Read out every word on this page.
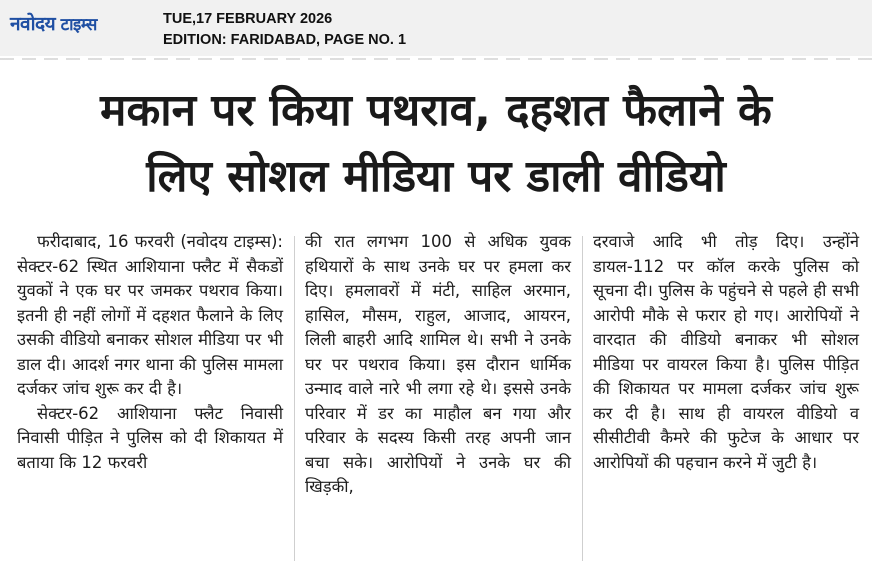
नवोदय टाइम्स	TUE,17 FEBRUARY 2026
EDITION: FARIDABAD, PAGE NO. 1
मकान पर किया पथराव, दहशत फैलाने के
लिए सोशल मीडिया पर डाली वीडियो

फरीदाबाद, 16 फरवरी (नवोदय टाइम्स): सेक्टर-62 स्थित आशियाना फ्लैट में सैकडों युवकों ने एक घर पर जमकर पथराव किया। इतनी ही नहीं लोगों में दहशत फैलाने के लिए उसकी वीडियो बनाकर सोशल मीडिया पर भी डाल दी। आदर्श नगर थाना की पुलिस मामला दर्जकर जांच शुरू कर दी है।

सेक्टर-62 आशियाना फ्लैट निवासी निवासी पीड़ित ने पुलिस को दी शिकायत में बताया कि 12 फरवरी

की रात लगभग 100 से अधिक युवक हथियारों के साथ उनके घर पर हमला कर दिए। हमलावरों में मंटी, साहिल अरमान, हासिल, मौसम, राहुल, आजाद, आयरन, लिली बाहरी आदि शामिल थे। सभी ने उनके घर पर पथराव किया। इस दौरान धार्मिक उन्माद वाले नारे भी लगा रहे थे। इससे उनके परिवार में डर का माहौल बन गया और परिवार के सदस्य किसी तरह अपनी जान बचा सके। आरोपियों ने उनके घर की खिड़की,

दरवाजे आदि भी तोड़ दिए। उन्होंने डायल-112 पर कॉल करके पुलिस को सूचना दी। पुलिस के पहुंचने से पहले ही सभी आरोपी मौके से फरार हो गए। आरोपियों ने वारदात की वीडियो बनाकर भी सोशल मीडिया पर वायरल किया है। पुलिस पीड़ित की शिकायत पर मामला दर्जकर जांच शुरू कर दी है। साथ ही वायरल वीडियो व सीसीटीवी कैमरे की फुटेज के आधार पर आरोपियों की पहचान करने में जुटी है।
